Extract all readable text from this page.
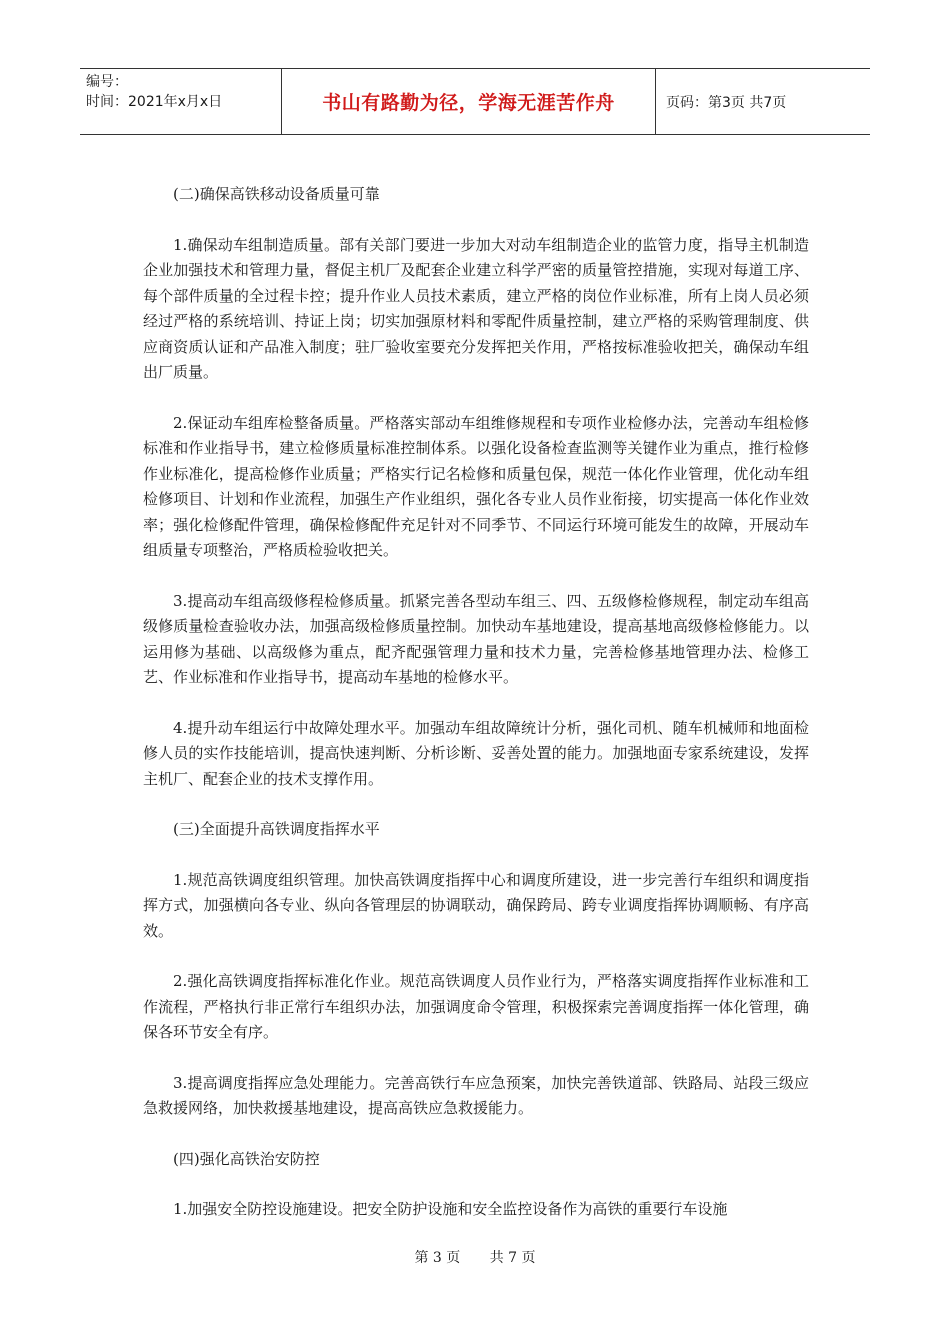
编号：
时间：2021年x月x日	书山有路勤为径，学海无涯苦作舟	页码：第3页 共7页

(二)确保高铁移动设备质量可靠

1.确保动车组制造质量。部有关部门要进一步加大对动车组制造企业的监管力度，指导主机制造企业加强技术和管理力量，督促主机厂及配套企业建立科学严密的质量管控措施，实现对每道工序、每个部件质量的全过程卡控；提升作业人员技术素质，建立严格的岗位作业标准，所有上岗人员必须经过严格的系统培训、持证上岗；切实加强原材料和零配件质量控制，建立严格的采购管理制度、供应商资质认证和产品准入制度；驻厂验收室要充分发挥把关作用，严格按标准验收把关，确保动车组出厂质量。

2.保证动车组库检整备质量。严格落实部动车组维修规程和专项作业检修办法，完善动车组检修标准和作业指导书，建立检修质量标准控制体系。以强化设备检查监测等关键作业为重点，推行检修作业标准化，提高检修作业质量；严格实行记名检修和质量包保，规范一体化作业管理，优化动车组检修项目、计划和作业流程，加强生产作业组织，强化各专业人员作业衔接，切实提高一体化作业效率；强化检修配件管理，确保检修配件充足针对不同季节、不同运行环境可能发生的故障，开展动车组质量专项整治，严格质检验收把关。

3.提高动车组高级修程检修质量。抓紧完善各型动车组三、四、五级修检修规程，制定动车组高级修质量检查验收办法，加强高级检修质量控制。加快动车基地建设，提高基地高级修检修能力。以运用修为基础、以高级修为重点，配齐配强管理力量和技术力量，完善检修基地管理办法、检修工艺、作业标准和作业指导书，提高动车基地的检修水平。

4.提升动车组运行中故障处理水平。加强动车组故障统计分析，强化司机、随车机械师和地面检修人员的实作技能培训，提高快速判断、分析诊断、妥善处置的能力。加强地面专家系统建设，发挥主机厂、配套企业的技术支撑作用。

(三)全面提升高铁调度指挥水平

1.规范高铁调度组织管理。加快高铁调度指挥中心和调度所建设，进一步完善行车组织和调度指挥方式，加强横向各专业、纵向各管理层的协调联动，确保跨局、跨专业调度指挥协调顺畅、有序高效。

2.强化高铁调度指挥标准化作业。规范高铁调度人员作业行为，严格落实调度指挥作业标准和工作流程，严格执行非正常行车组织办法，加强调度命令管理，积极探索完善调度指挥一体化管理，确保各环节安全有序。

3.提高调度指挥应急处理能力。完善高铁行车应急预案，加快完善铁道部、铁路局、站段三级应急救援网络，加快救援基地建设，提高高铁应急救援能力。

(四)强化高铁治安防控

1.加强安全防控设施建设。把安全防护设施和安全监控设备作为高铁的重要行车设施

第 3 页 共 7 页
